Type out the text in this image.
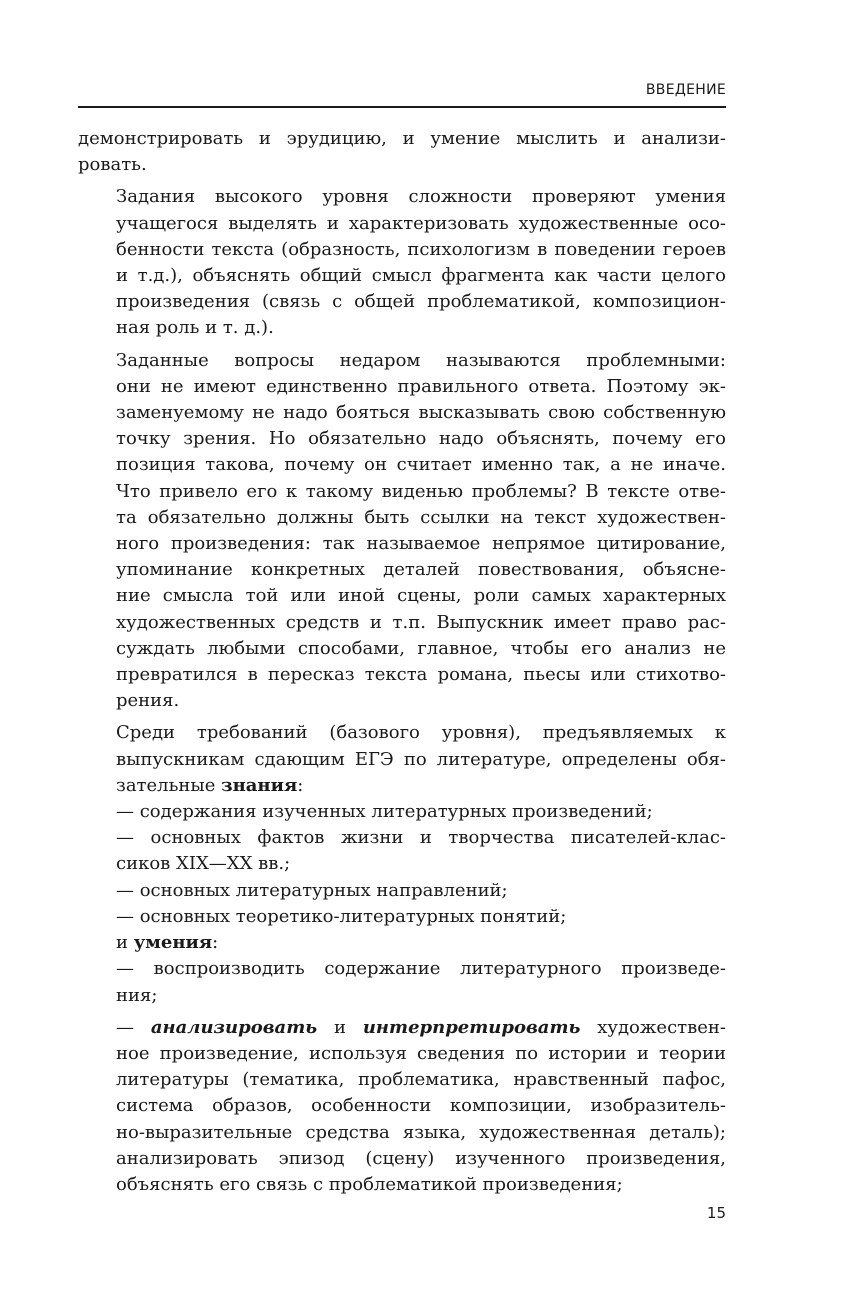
ВВЕДЕНИЕ

демонстрировать и эрудицию, и умение мыслить и анализи-
ровать.

Задания высокого уровня сложности проверяют умения
учащегося выделять и характеризовать художественные осо-
бенности текста (образность, психологизм в поведении героев
и т.д.), объяснять общий смысл фрагмента как части целого
произведения (связь с общей проблематикой, композицион-
ная роль и т. д.).

Заданные вопросы недаром называются проблемными:
они не имеют единственно правильного ответа. Поэтому эк-
заменуемому не надо бояться высказывать свою собственную
точку зрения. Но обязательно надо объяснять, почему его
позиция такова, почему он считает именно так, а не иначе.
Что привело его к такому виденью проблемы? В тексте отве-
та обязательно должны быть ссылки на текст художествен-
ного произведения: так называемое непрямое цитирование,
упоминание конкретных деталей повествования, объясне-
ние смысла той или иной сцены, роли самых характерных
художественных средств и т.п. Выпускник имеет право рас-
суждать любыми способами, главное, чтобы его анализ не
превратился в пересказ текста романа, пьесы или стихотво-
рения.

Среди требований (базового уровня), предъявляемых к
выпускникам сдающим ЕГЭ по литературе, определены обя-
зательные знания:

— содержания изученных литературных произведений;

— основных фактов жизни и творчества писателей-клас-
сиков XIX—XX вв.;

— основных литературных направлений;

— основных теоретико-литературных понятий;

и умения:

— воспроизводить содержание литературного произведе-
ния;

— анализировать и интерпретировать художествен-
ное произведение, используя сведения по истории и теории
литературы (тематика, проблематика, нравственный пафос,
система образов, особенности композиции, изобразитель-
но-выразительные средства языка, художественная деталь);
анализировать эпизод (сцену) изученного произведения,
объяснять его связь с проблематикой произведения;

15
